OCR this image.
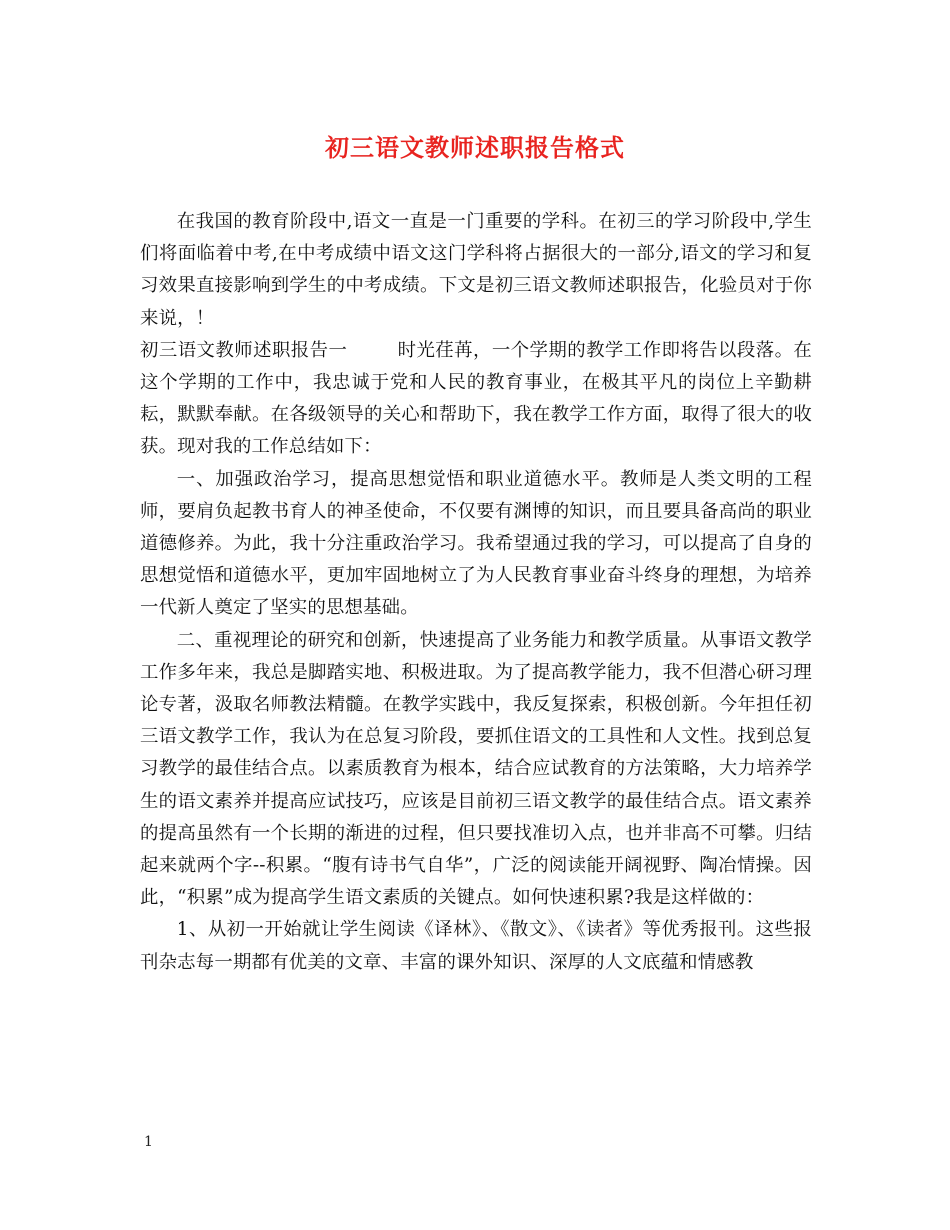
初三语文教师述职报告格式

在我国的教育阶段中,语文一直是一门重要的学科。在初三的学习阶段中,学生们将面临着中考,在中考成绩中语文这门学科将占据很大的一部分,语文的学习和复习效果直接影响到学生的中考成绩。下文是初三语文教师述职报告，化验员对于你来说，！

初三语文教师述职报告一	时光荏苒，一个学期的教学工作即将告以段落。在这个学期的工作中，我忠诚于党和人民的教育事业，在极其平凡的岗位上辛勤耕耘，默默奉献。在各级领导的关心和帮助下，我在教学工作方面，取得了很大的收获。现对我的工作总结如下：

一、加强政治学习，提高思想觉悟和职业道德水平。教师是人类文明的工程师，要肩负起教书育人的神圣使命，不仅要有渊博的知识，而且要具备高尚的职业道德修养。为此，我十分注重政治学习。我希望通过我的学习，可以提高了自身的思想觉悟和道德水平，更加牢固地树立了为人民教育事业奋斗终身的理想，为培养一代新人奠定了坚实的思想基础。

二、重视理论的研究和创新，快速提高了业务能力和教学质量。从事语文教学工作多年来，我总是脚踏实地、积极进取。为了提高教学能力，我不但潜心研习理论专著，汲取名师教法精髓。在教学实践中，我反复探索，积极创新。今年担任初三语文教学工作，我认为在总复习阶段，要抓住语文的工具性和人文性。找到总复习教学的最佳结合点。以素质教育为根本，结合应试教育的方法策略，大力培养学生的语文素养并提高应试技巧，应该是目前初三语文教学的最佳结合点。语文素养的提高虽然有一个长期的渐进的过程，但只要找准切入点，也并非高不可攀。归结起来就两个字--积累。“腹有诗书气自华”，广泛的阅读能开阔视野、陶冶情操。因此，“积累”成为提高学生语文素质的关键点。如何快速积累?我是这样做的：

1、从初一开始就让学生阅读《译林》、《散文》、《读者》等优秀报刊。这些报刊杂志每一期都有优美的文章、丰富的课外知识、深厚的人文底蕴和情感教

1
